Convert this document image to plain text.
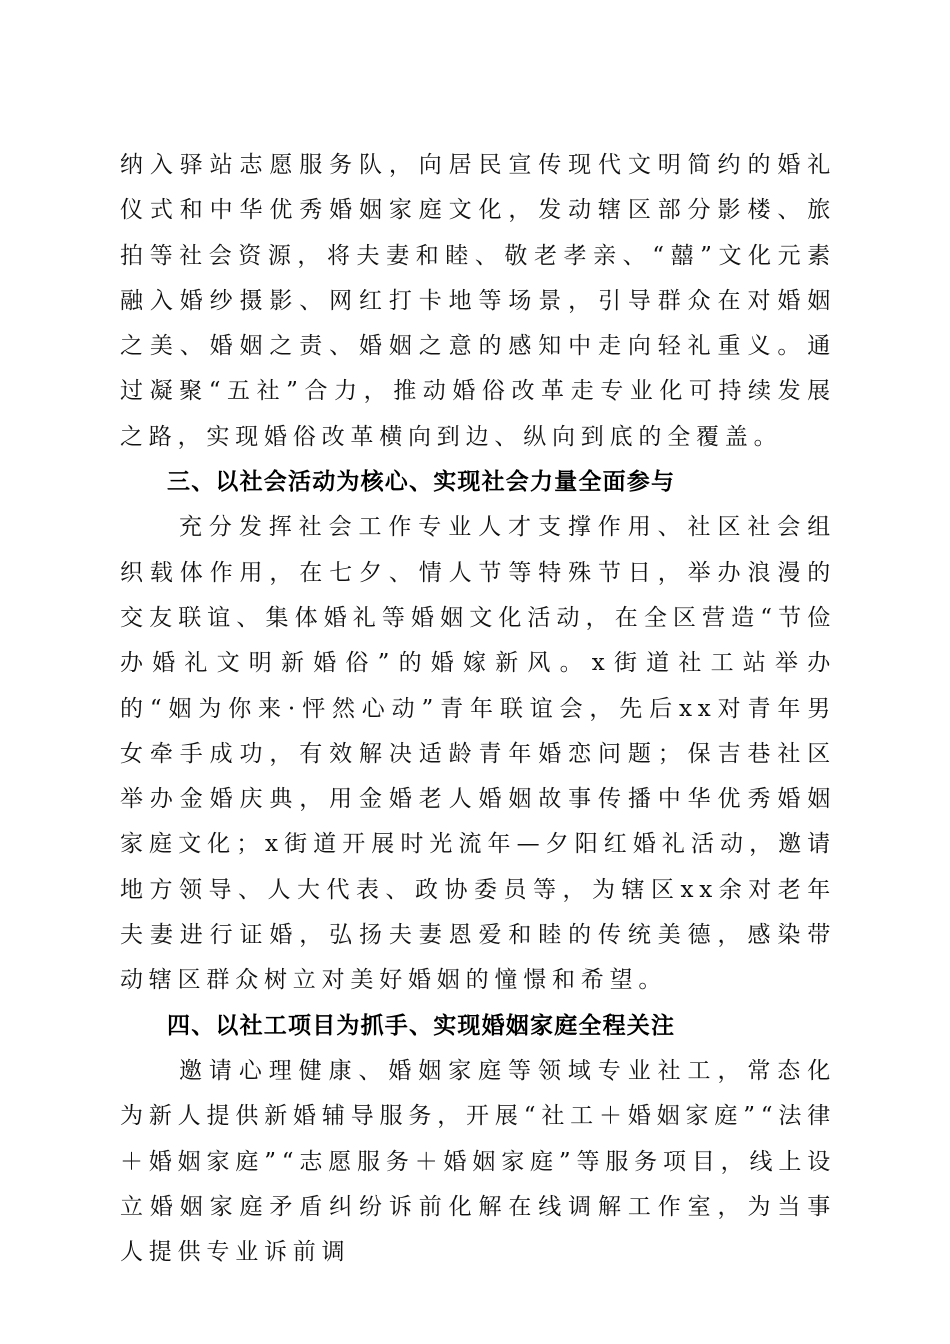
纳入驿站志愿服务队，向居民宣传现代文明简约的婚礼仪式和中华优秀婚姻家庭文化，发动辖区部分影楼、旅拍等社会资源，将夫妻和睦、敬老孝亲、“囍”文化元素融入婚纱摄影、网红打卡地等场景，引导群众在对婚姻之美、婚姻之责、婚姻之意的感知中走向轻礼重义。通过凝聚“五社”合力，推动婚俗改革走专业化可持续发展之路，实现婚俗改革横向到边、纵向到底的全覆盖。

三、以社会活动为核心、实现社会力量全面参与

充分发挥社会工作专业人才支撑作用、社区社会组织载体作用，在七夕、情人节等特殊节日，举办浪漫的交友联谊、集体婚礼等婚姻文化活动，在全区营造“节俭办婚礼文明新婚俗”的婚嫁新风。x街道社工站举办的“姻为你来·怦然心动”青年联谊会，先后xx对青年男女牵手成功，有效解决适龄青年婚恋问题；保吉巷社区举办金婚庆典，用金婚老人婚姻故事传播中华优秀婚姻家庭文化；x街道开展时光流年—夕阳红婚礼活动，邀请地方领导、人大代表、政协委员等，为辖区xx余对老年夫妻进行证婚，弘扬夫妻恩爱和睦的传统美德，感染带动辖区群众树立对美好婚姻的憧憬和希望。

四、以社工项目为抓手、实现婚姻家庭全程关注

邀请心理健康、婚姻家庭等领域专业社工，常态化为新人提供新婚辅导服务，开展“社工＋婚姻家庭”“法律＋婚姻家庭”“志愿服务＋婚姻家庭”等服务项目，线上设立婚姻家庭矛盾纠纷诉前化解在线调解工作室，为当事人提供专业诉前调
